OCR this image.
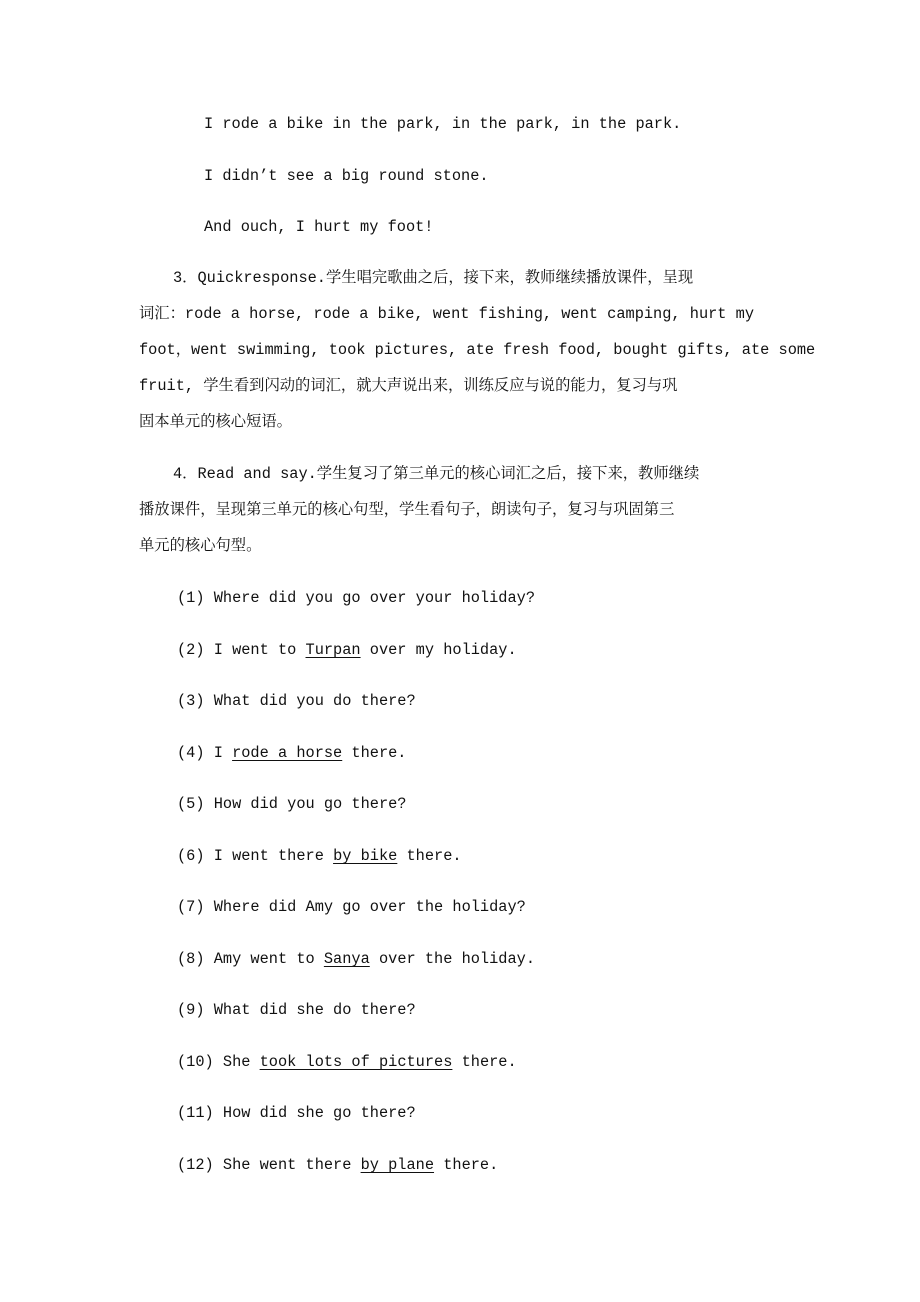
I rode a bike in the park, in the park, in the park.
I didn’t see a big round stone.
And ouch, I hurt my foot!
3．Quickresponse.学生唱完歌曲之后，接下来，教师继续播放课件，呈现
词汇：rode a horse, rode a bike, went fishing, went camping, hurt my
foot，went swimming, took pictures, ate fresh food, bought gifts, ate some
fruit, 学生看到闪动的词汇，就大声说出来，训练反应与说的能力，复习与巩
固本单元的核心短语。
4．Read and say.学生复习了第三单元的核心词汇之后，接下来，教师继续
播放课件，呈现第三单元的核心句型，学生看句子，朗读句子，复习与巩固第三
单元的核心句型。
(1) Where did you go over your holiday?
(2) I went to Turpan over my holiday.
(3) What did you do there?
(4) I rode a horse there.
(5) How did you go there?
(6) I went there by bike there.
(7) Where did Amy go over the holiday?
(8) Amy went to Sanya over the holiday.
(9) What did she do there?
(10) She took lots of pictures there.
(11) How did she go there?
(12) She went there by plane there.
